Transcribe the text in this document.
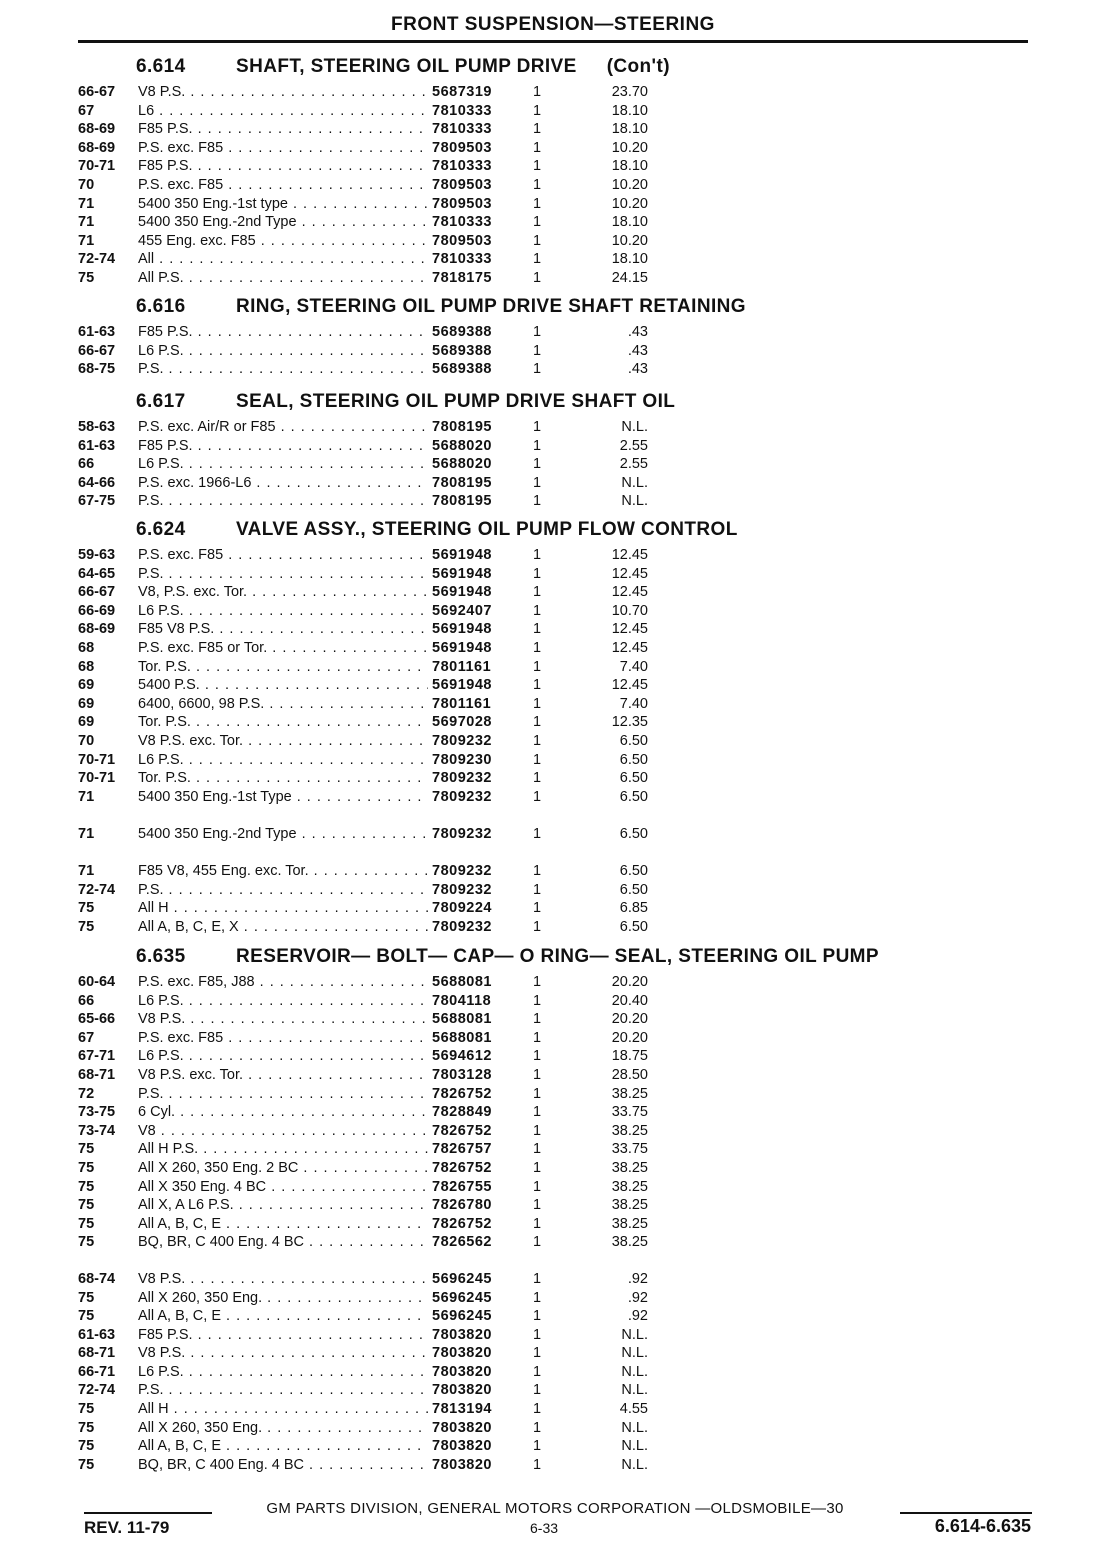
FRONT SUSPENSION—STEERING
6.614	SHAFT, STEERING OIL PUMP DRIVE (Con't)
66-67	V8 P.S. . . .	5687319	1	23.70
67	L6 . . .	7810333	1	18.10
68-69	F85 P.S. . . .	7810333	1	18.10
68-69	P.S. exc. F85 . . .	7809503	1	10.20
70-71	F85 P.S. . . .	7810333	1	18.10
70	P.S. exc. F85 . . .	7809503	1	10.20
71	5400 350 Eng.-1st type . . .	7809503	1	10.20
71	5400 350 Eng.-2nd Type . . .	7810333	1	18.10
71	455 Eng. exc. F85 . . .	7809503	1	10.20
72-74	All . . .	7810333	1	18.10
75	All P.S. . . .	7818175	1	24.15
6.616	RING, STEERING OIL PUMP DRIVE SHAFT RETAINING
61-63	F85 P.S. . . .	5689388	1	.43
66-67	L6 P.S. . . .	5689388	1	.43
68-75	P.S. . . .	5689388	1	.43
6.617	SEAL, STEERING OIL PUMP DRIVE SHAFT OIL
58-63	P.S. exc. Air/R or F85 . . .	7808195	1	N.L.
61-63	F85 P.S. . . .	5688020	1	2.55
66	L6 P.S. . . .	5688020	1	2.55
64-66	P.S. exc. 1966-L6 . . .	7808195	1	N.L.
67-75	P.S. . . .	7808195	1	N.L.
6.624	VALVE ASSY., STEERING OIL PUMP FLOW CONTROL
59-63	P.S. exc. F85 . . .	5691948	1	12.45
64-65	P.S. . . .	5691948	1	12.45
66-67	V8, P.S. exc. Tor. . . .	5691948	1	12.45
66-69	L6 P.S. . . .	5692407	1	10.70
68-69	F85 V8 P.S. . . .	5691948	1	12.45
68	P.S. exc. F85 or Tor. . . .	5691948	1	12.45
68	Tor. P.S. . . .	7801161	1	7.40
69	5400 P.S. . . .	5691948	1	12.45
69	6400, 6600, 98 P.S. . . .	7801161	1	7.40
69	Tor. P.S. . . .	5697028	1	12.35
70	V8 P.S. exc. Tor. . . .	7809232	1	6.50
70-71	L6 P.S. . . .	7809230	1	6.50
70-71	Tor. P.S. . . .	7809232	1	6.50
71	5400 350 Eng.-1st Type . . .	7809232	1	6.50
71	5400 350 Eng.-2nd Type . . .	7809232	1	6.50
71	F85 V8, 455 Eng. exc. Tor. . . .	7809232	1	6.50
72-74	P.S. . . .	7809232	1	6.50
75	All H . . .	7809224	1	6.85
75	All A, B, C, E, X . . .	7809232	1	6.50
6.635	RESERVOIR— BOLT— CAP— O RING— SEAL, STEERING OIL PUMP
60-64	P.S. exc. F85, J88 . . .	5688081	1	20.20
66	L6 P.S. . . .	7804118	1	20.40
65-66	V8 P.S. . . .	5688081	1	20.20
67	P.S. exc. F85 . . .	5688081	1	20.20
67-71	L6 P.S. . . .	5694612	1	18.75
68-71	V8 P.S. exc. Tor. . . .	7803128	1	28.50
72	P.S. . . .	7826752	1	38.25
73-75	6 Cyl. . . .	7828849	1	33.75
73-74	V8 . . .	7826752	1	38.25
75	All H P.S. . . .	7826757	1	33.75
75	All X 260, 350 Eng. 2 BC . . .	7826752	1	38.25
75	All X 350 Eng. 4 BC . . .	7826755	1	38.25
75	All X, A L6 P.S. . . .	7826780	1	38.25
75	All A, B, C, E . . .	7826752	1	38.25
75	BQ, BR, C 400 Eng. 4 BC . . .	7826562	1	38.25
68-74	V8 P.S. . . .	5696245	1	.92
75	All X 260, 350 Eng. . . .	5696245	1	.92
75	All A, B, C, E . . .	5696245	1	.92
61-63	F85 P.S. . . .	7803820	1	N.L.
68-71	V8 P.S. . . .	7803820	1	N.L.
66-71	L6 P.S. . . .	7803820	1	N.L.
72-74	P.S. . . .	7803820	1	N.L.
75	All H . . .	7813194	1	4.55
75	All X 260, 350 Eng. . . .	7803820	1	N.L.
75	All A, B, C, E . . .	7803820	1	N.L.
75	BQ, BR, C 400 Eng. 4 BC . . .	7803820	1	N.L.
GM PARTS DIVISION, GENERAL MOTORS CORPORATION —OLDSMOBILE—30
REV. 11-79	6-33	6.614-6.635
